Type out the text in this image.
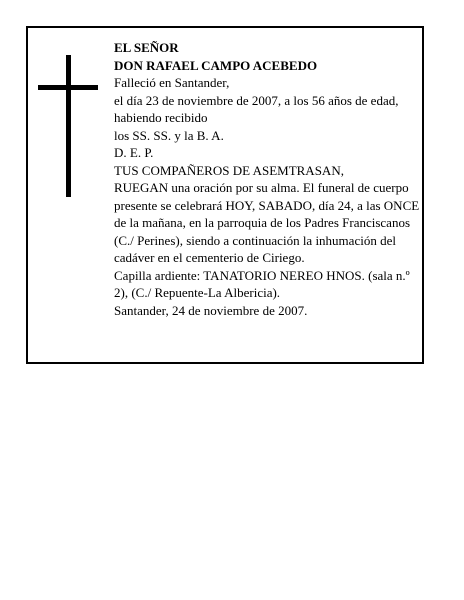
EL SEÑOR

DON RAFAEL CAMPO ACEBEDO

Falleció en Santander,

el día 23 de noviembre de 2007, a los 56 años de edad, habiendo recibido

los SS. SS. y la B. A.

D. E. P.

TUS COMPAÑEROS DE ASEMTRASAN,

RUEGAN una oración por su alma. El funeral de cuerpo presente se celebrará HOY, SABADO, día 24, a las ONCE de la mañana, en la parroquia de los Padres Franciscanos (C./ Perines), siendo a continuación la inhumación del cadáver en el cementerio de Ciriego.

Capilla ardiente: TANATORIO NEREO HNOS. (sala n.º 2), (C./ Repuente-La Albericia).

Santander, 24 de noviembre de 2007.
